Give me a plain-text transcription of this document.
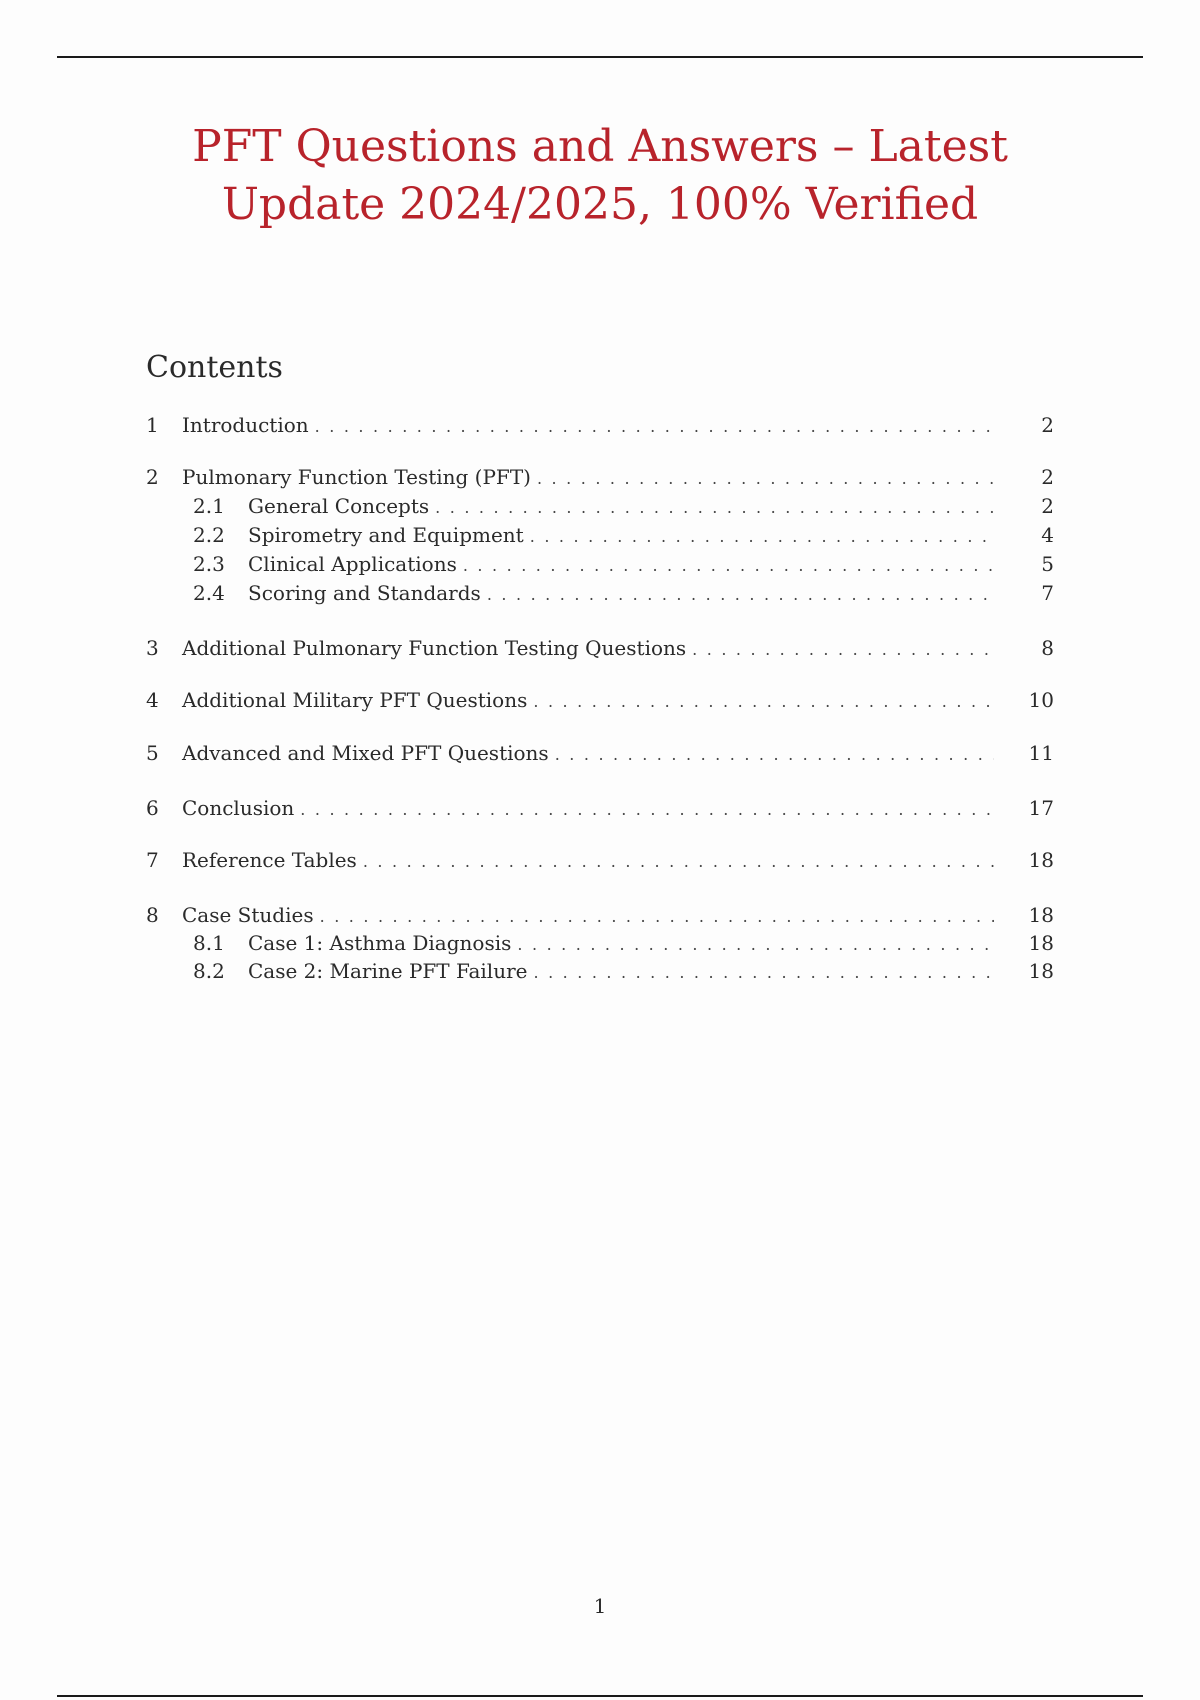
PFT Questions and Answers – Latest
Update 2024/2025, 100% Verified
Contents
1	Introduction .....	2
2	Pulmonary Function Testing (PFT) .....	2
2.1	General Concepts .....	2
2.2	Spirometry and Equipment .....	4
2.3	Clinical Applications .....	5
2.4	Scoring and Standards .....	7
3	Additional Pulmonary Function Testing Questions .....	8
4	Additional Military PFT Questions .....	10
5	Advanced and Mixed PFT Questions .....	11
6	Conclusion .....	17
7	Reference Tables .....	18
8	Case Studies .....	18
8.1	Case 1: Asthma Diagnosis .....	18
8.2	Case 2: Marine PFT Failure .....	18
1
